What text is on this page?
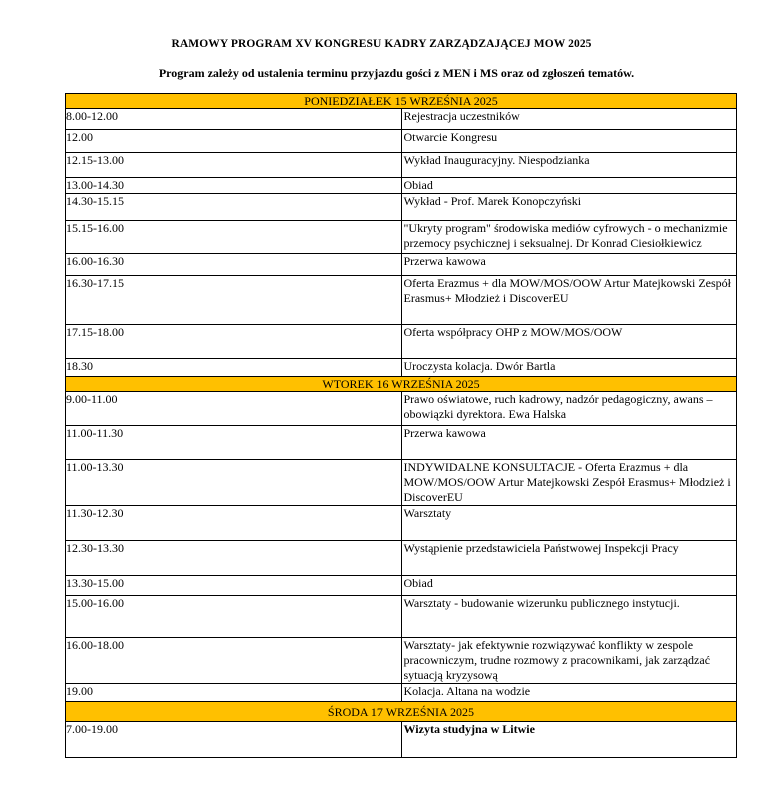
RAMOWY PROGRAM XV KONGRESU KADRY ZARZĄDZAJĄCEJ MOW 2025
Program zależy od ustalenia terminu przyjazdu gości z MEN i MS oraz od zgłoszeń tematów.
PONIEDZIAŁEK 15 WRZEŚNIA 2025	
8.00-12.00	Rejestracja uczestników
12.00	Otwarcie Kongresu
12.15-13.00	Wykład Inauguracyjny. Niespodzianka
13.00-14.30	Obiad
14.30-15.15	Wykład - Prof. Marek Konopczyński
15.15-16.00	"Ukryty program" środowiska mediów cyfrowych - o mechanizmie przemocy psychicznej i seksualnej. Dr Konrad Ciesiołkiewicz
16.00-16.30	Przerwa kawowa
16.30-17.15	Oferta Erazmus + dla MOW/MOS/OOW Artur Matejkowski Zespół Erasmus+ Młodzież i DiscoverEU
17.15-18.00	Oferta współpracy OHP z MOW/MOS/OOW
18.30	Uroczysta kolacja. Dwór Bartla
WTOREK 16 WRZEŚNIA 2025	
9.00-11.00	Prawo oświatowe, ruch kadrowy, nadzór pedagogiczny, awans – obowiązki dyrektora. Ewa Halska
11.00-11.30	Przerwa kawowa
11.00-13.30	INDYWIDALNE KONSULTACJE - Oferta Erazmus + dla MOW/MOS/OOW Artur Matejkowski Zespół Erasmus+ Młodzież i DiscoverEU
11.30-12.30	Warsztaty
12.30-13.30	Wystąpienie przedstawiciela Państwowej Inspekcji Pracy
13.30-15.00	Obiad
15.00-16.00	Warsztaty - budowanie wizerunku publicznego instytucji.
16.00-18.00	Warsztaty- jak efektywnie rozwiązywać konflikty w zespole pracowniczym, trudne rozmowy z pracownikami, jak zarządzać sytuacją kryzysową
19.00	Kolacja. Altana na wodzie
ŚRODA 17 WRZEŚNIA 2025	
7.00-19.00	Wizyta studyjna w Litwie
